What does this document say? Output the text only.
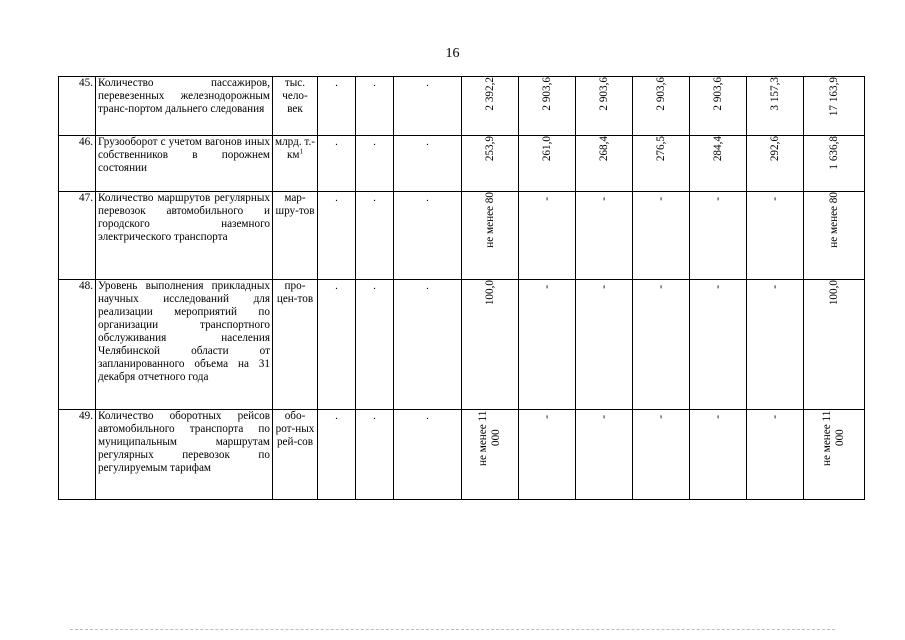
16
45.	Количество пассажиров, перевезенных железнодорожным транс-портом дальнего следования	тыс. чело-век	.	.	.	2 392,2	2 903,6	2 903,6	2 903,6	2 903,6	3 157,3	17 163,9
46.	Грузооборот с учетом вагонов иных собственников в порожнем состоянии	млрд. $т.-км^1$	.	.	.	253,9	261,0	268,4	276,5	284,4	292,6	1 636,8
47.	Количество маршрутов регулярных перевозок автомобильного и городского наземного электрического транспорта	мар-шру-тов	.	.	.	не менее 80	-	-	-	-	-	не менее 80
48.	Уровень выполнения прикладных научных исследований для реализации мероприятий по организации транспортного обслуживания населения Челябинской области от запланированного объема на 31 декабря отчетного года	про-цен-тов	.	.	.	100,0	-	-	-	-	-	100,0
49.	Количество оборотных рейсов автомобильного транспорта по муниципальным маршрутам регулярных перевозок по регулируемым тарифам	обо-рот-ных рей-сов	.	.	.	не менее 11 000	-	-	-	-	-	не менее 11 000
